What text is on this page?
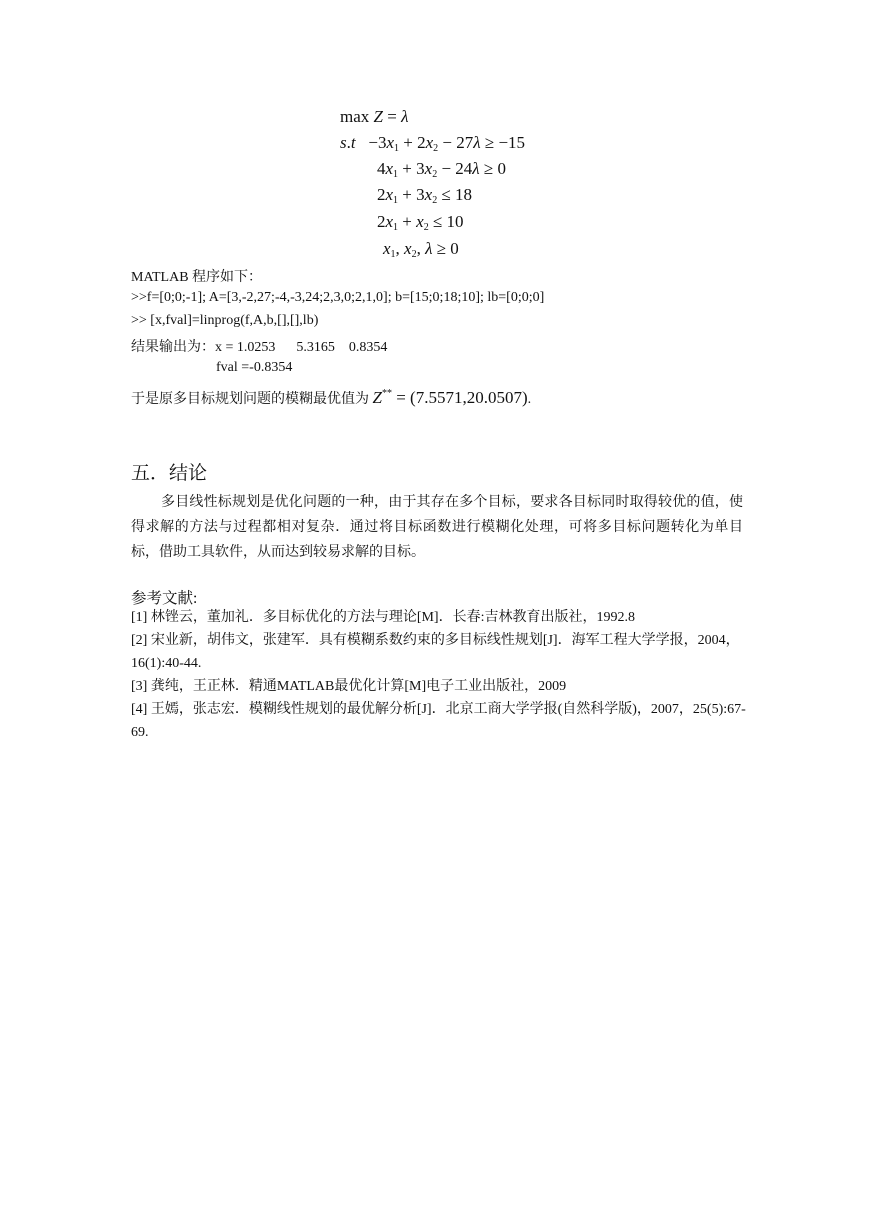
max Z = λ
$s.t -3x_1 + 2x_2 - 27\lambda \ge -15$
$4x_1 + 3x_2 - 24\lambda \ge 0$
$2x_1 + 3x_2 \le 18$
$2x_1 + x_2 \le 10$
$x_1$, $x_2$, λ ≥ 0
MATLAB 程序如下：
>>f=[0;0;-1]; A=[3,-2,27;-4,-3,24;2,3,0;2,1,0]; b=[15;0;18;10]; lb=[0;0;0]
>> [x,fval]=linprog(f,A,b,[],[],lb)
结果输出为：x = 1.0253      5.3165    0.8354
fval =-0.8354
于是原多目标规划问题的模糊最优值为 Z** = (7.5571,20.0507).
五．结论
多目线性标规划是优化问题的一种，由于其存在多个目标，要求各目标同时取得较优的值，使得求解的方法与过程都相对复杂．通过将目标函数进行模糊化处理，可将多目标问题转化为单目标，借助工具软件，从而达到较易求解的目标。
参考文献:
[1] 林锉云，董加礼．多目标优化的方法与理论[M]．长春:吉林教育出版社，1992.8
[2] 宋业新，胡伟文，张建军．具有模糊系数约束的多目标线性规划[J]．海军工程大学学报，2004，16(1):40-44.
[3] 龚纯，王正林．精通MATLAB最优化计算[M]电子工业出版社，2009
[4] 王嫣，张志宏．模糊线性规划的最优解分析[J]．北京工商大学学报(自然科学版)，2007，25(5):67-69.
